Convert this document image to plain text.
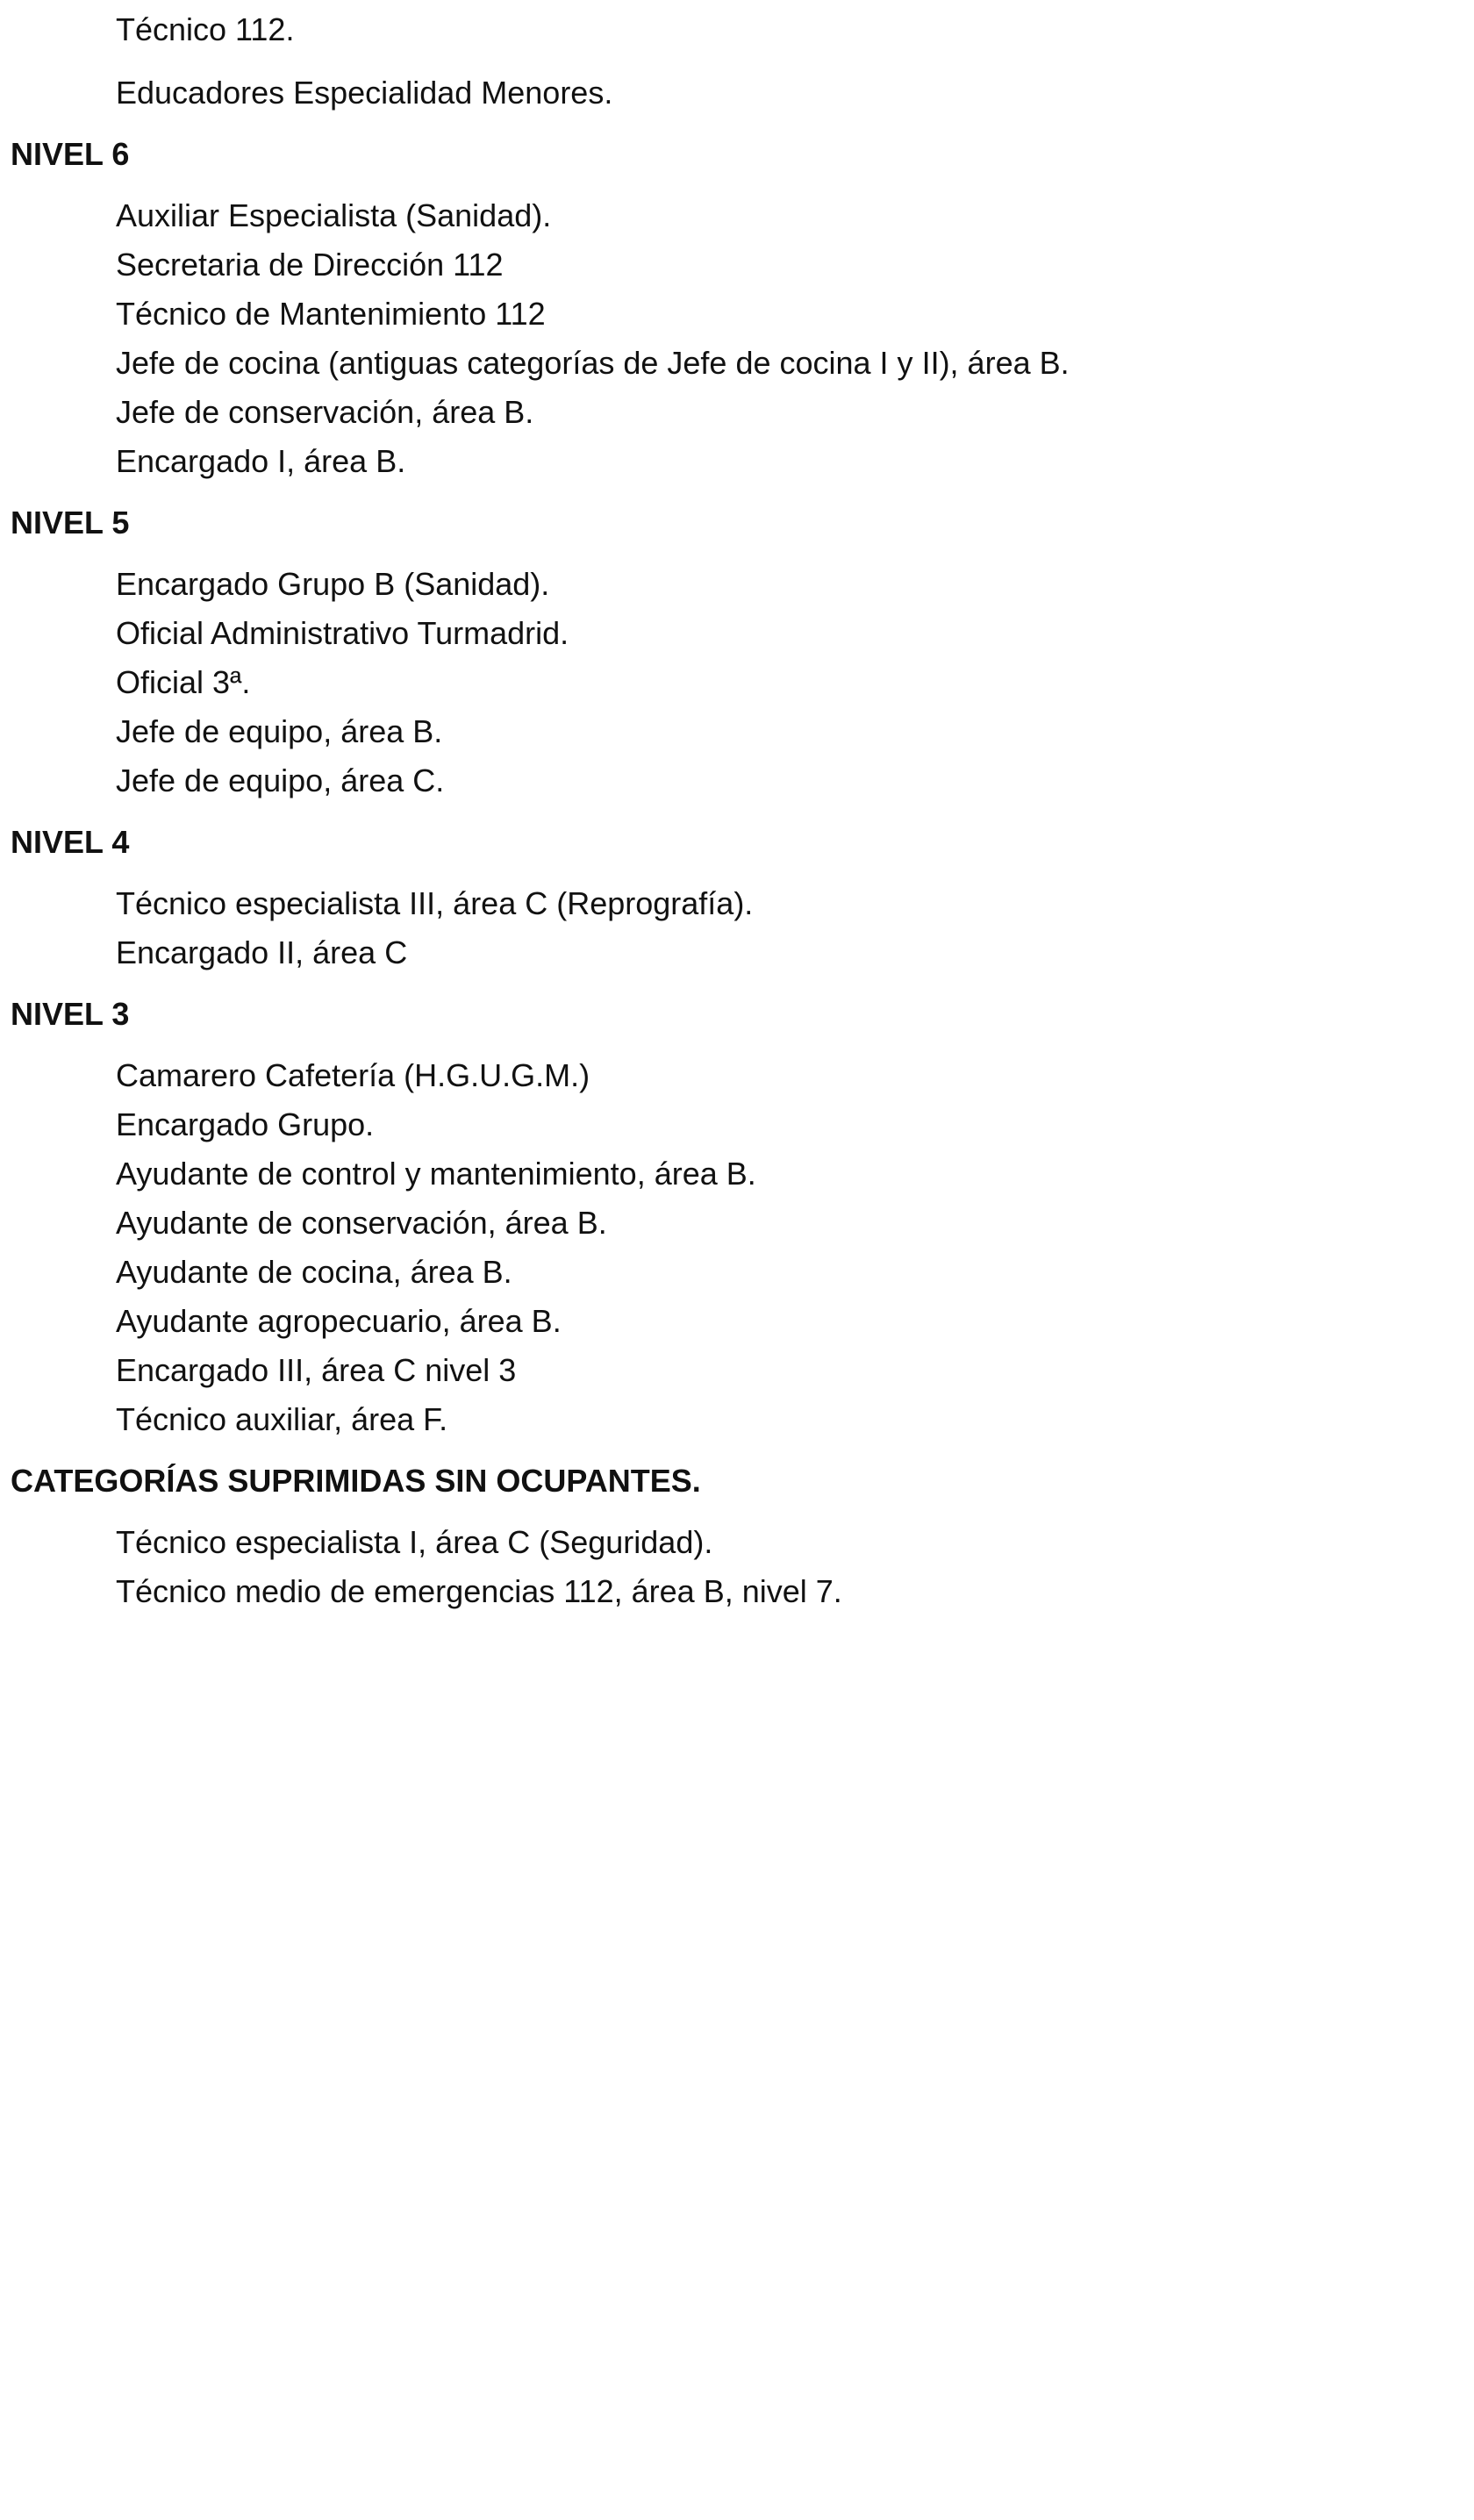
Técnico 112.
Educadores Especialidad Menores.
NIVEL 6
Auxiliar Especialista (Sanidad).
Secretaria de Dirección 112
Técnico de Mantenimiento 112
Jefe de cocina (antiguas categorías de Jefe de cocina I y II), área B.
Jefe de conservación, área B.
Encargado I, área B.
NIVEL 5
Encargado Grupo B (Sanidad).
Oficial Administrativo Turmadrid.
Oficial 3ª.
Jefe de equipo, área B.
Jefe de equipo, área C.
NIVEL 4
Técnico especialista III, área C (Reprografía).
Encargado II, área C
NIVEL 3
Camarero Cafetería (H.G.U.G.M.)
Encargado Grupo.
Ayudante de control y mantenimiento, área B.
Ayudante de conservación, área B.
Ayudante de cocina, área B.
Ayudante agropecuario, área B.
Encargado III, área C nivel 3
Técnico auxiliar, área F.
CATEGORÍAS SUPRIMIDAS SIN OCUPANTES.
Técnico especialista I, área C (Seguridad).
Técnico medio de emergencias 112, área B, nivel 7.
